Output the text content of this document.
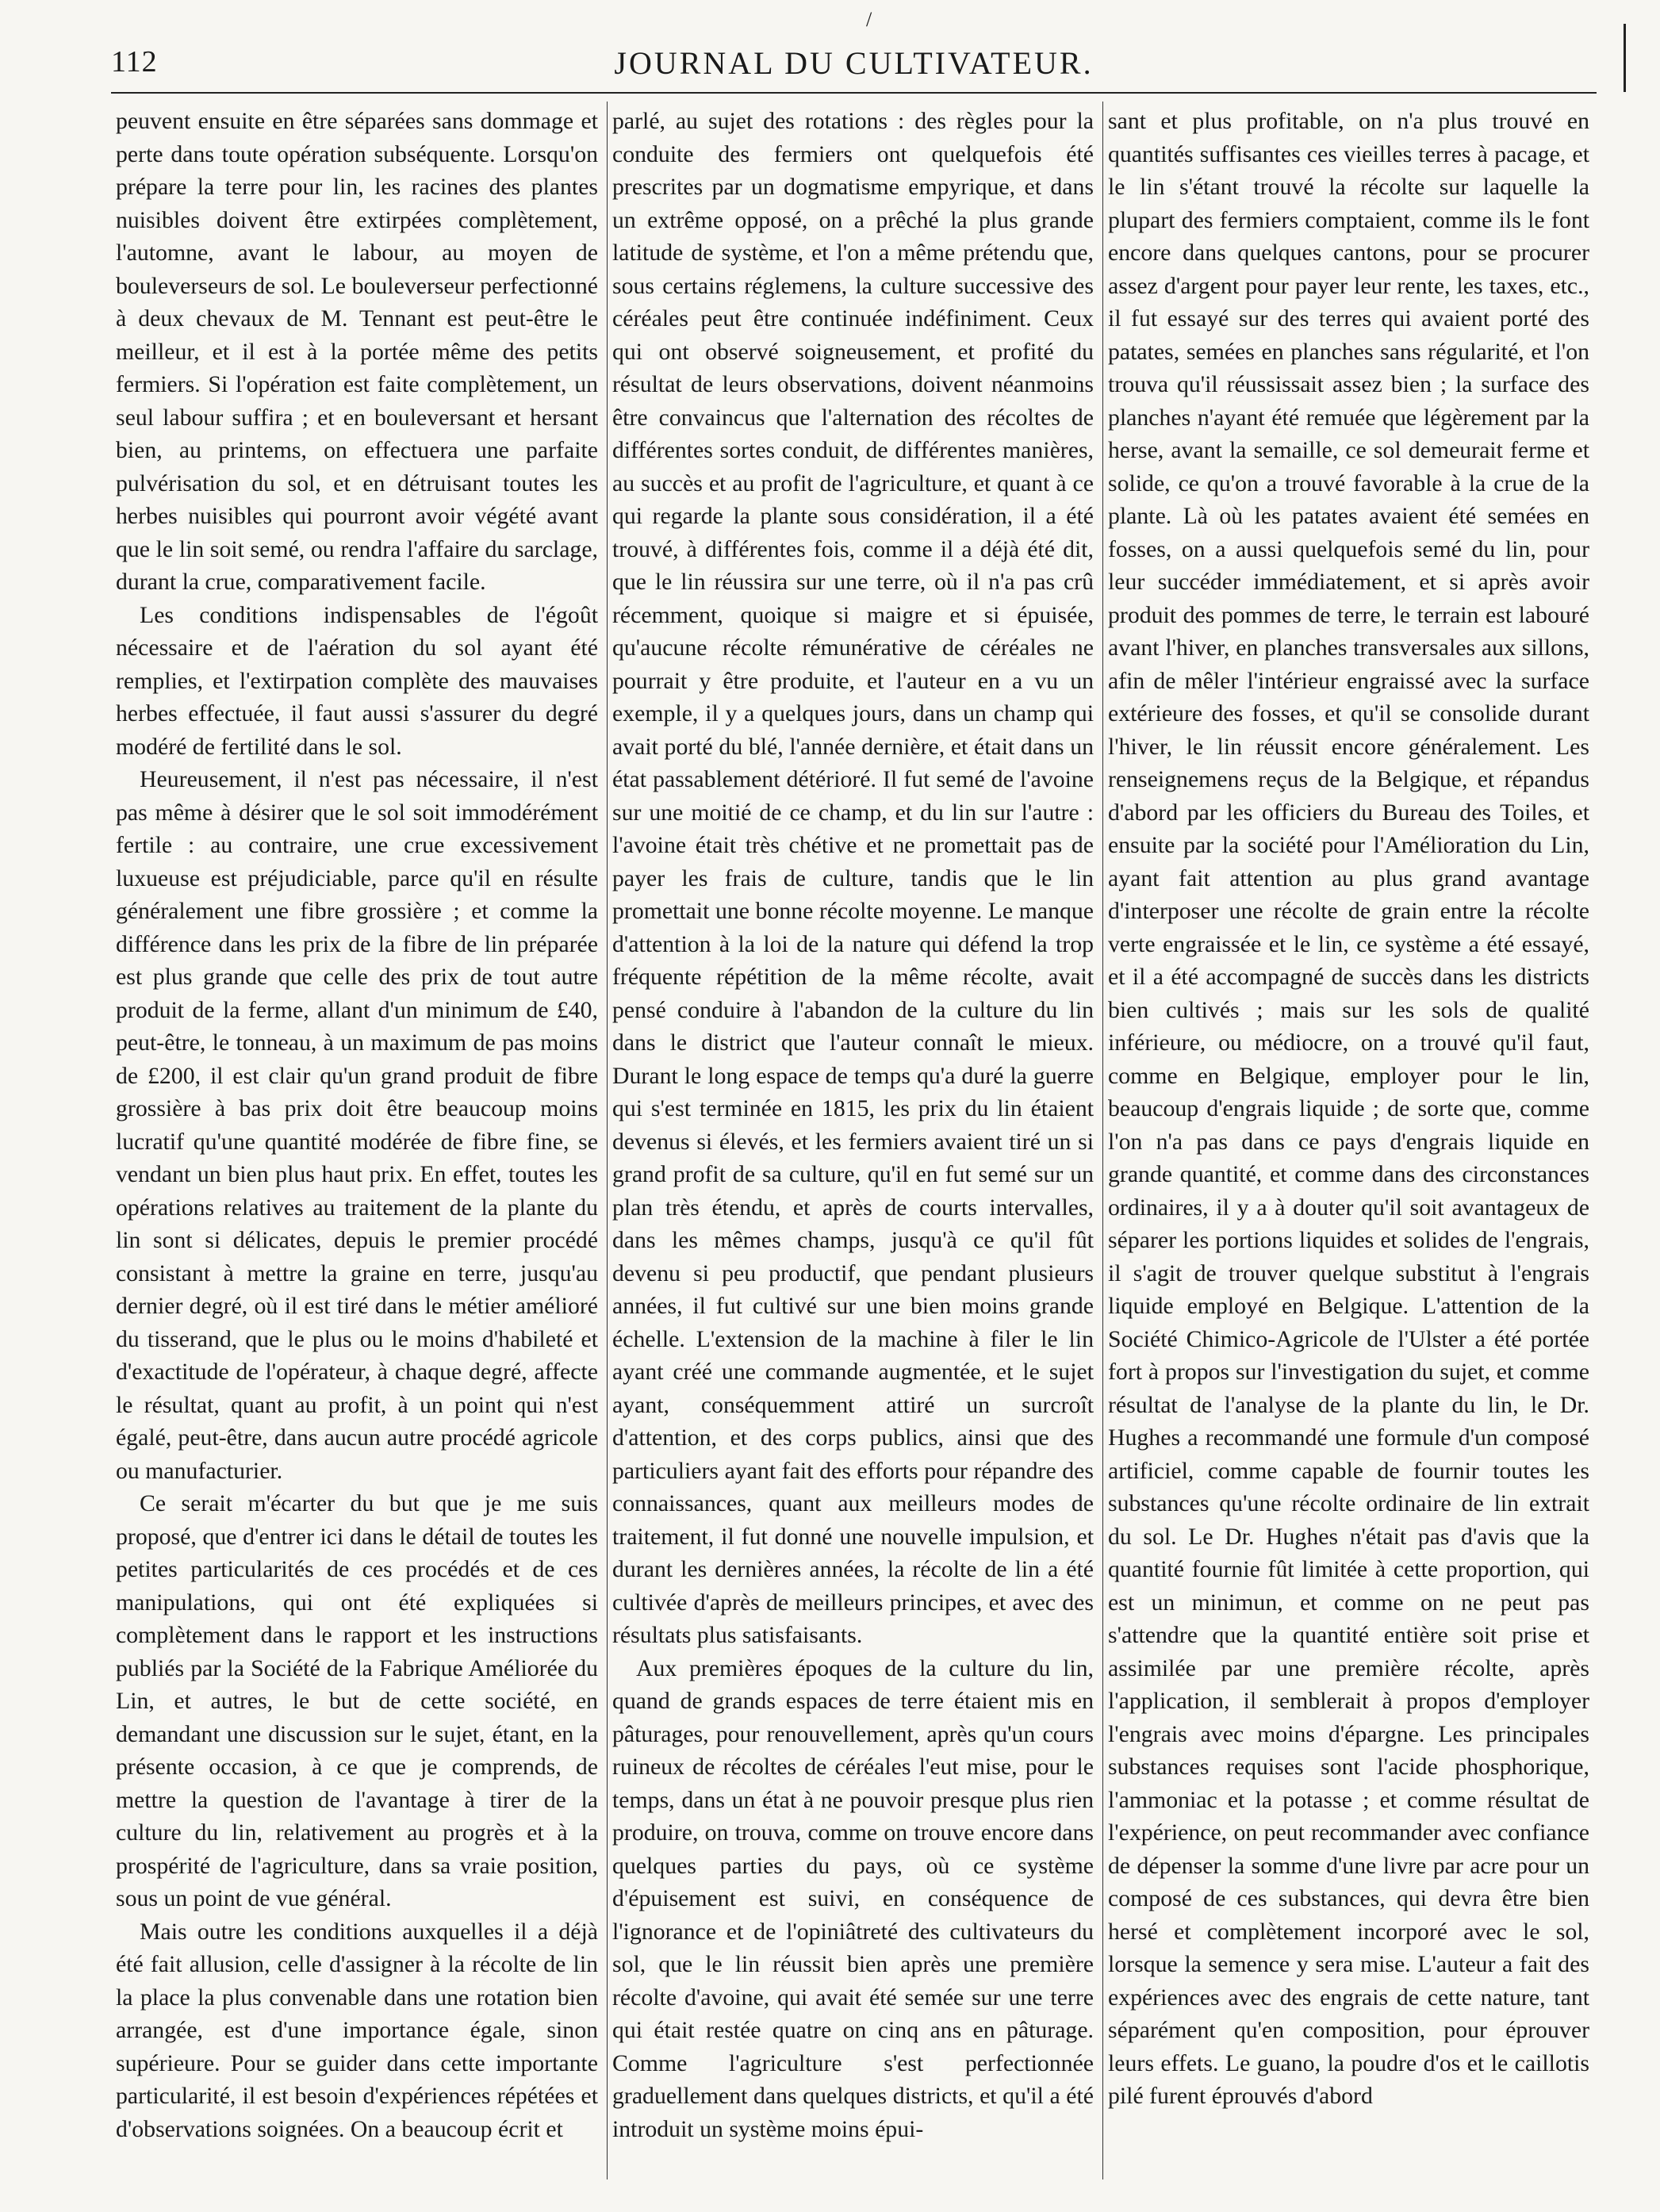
112	JOURNAL DU CULTIVATEUR.
/

peuvent ensuite en être séparées sans dommage et perte dans toute opération subséquente. Lorsqu'on prépare la terre pour lin, les racines des plantes nuisibles doivent être extirpées complètement, l'automne, avant le labour, au moyen de bouleverseurs de sol. Le bouleverseur perfectionné à deux chevaux de M. Tennant est peut-être le meilleur, et il est à la portée même des petits fermiers. Si l'opération est faite complètement, un seul labour suffira ; et en bouleversant et hersant bien, au printems, on effectuera une parfaite pulvérisation du sol, et en détruisant toutes les herbes nuisibles qui pourront avoir végété avant que le lin soit semé, ou rendra l'affaire du sarclage, durant la crue, comparativement facile.

Les conditions indispensables de l'égoût nécessaire et de l'aération du sol ayant été remplies, et l'extirpation complète des mauvaises herbes effectuée, il faut aussi s'assurer du degré modéré de fertilité dans le sol.

Heureusement, il n'est pas nécessaire, il n'est pas même à désirer que le sol soit immodérément fertile : au contraire, une crue excessivement luxueuse est préjudiciable, parce qu'il en résulte généralement une fibre grossière ; et comme la différence dans les prix de la fibre de lin préparée est plus grande que celle des prix de tout autre produit de la ferme, allant d'un minimum de £40, peut-être, le tonneau, à un maximum de pas moins de £200, il est clair qu'un grand produit de fibre grossière à bas prix doit être beaucoup moins lucratif qu'une quantité modérée de fibre fine, se vendant un bien plus haut prix. En effet, toutes les opérations relatives au traitement de la plante du lin sont si délicates, depuis le premier procédé consistant à mettre la graine en terre, jusqu'au dernier degré, où il est tiré dans le métier amélioré du tisserand, que le plus ou le moins d'habileté et d'exactitude de l'opérateur, à chaque degré, affecte le résultat, quant au profit, à un point qui n'est égalé, peut-être, dans aucun autre procédé agricole ou manufacturier.

Ce serait m'écarter du but que je me suis proposé, que d'entrer ici dans le détail de toutes les petites particularités de ces procédés et de ces manipulations, qui ont été expliquées si complètement dans le rapport et les instructions publiés par la Société de la Fabrique Améliorée du Lin, et autres, le but de cette société, en demandant une discussion sur le sujet, étant, en la présente occasion, à ce que je comprends, de mettre la question de l'avantage à tirer de la culture du lin, relativement au progrès et à la prospérité de l'agriculture, dans sa vraie position, sous un point de vue général.

Mais outre les conditions auxquelles il a déjà été fait allusion, celle d'assigner à la récolte de lin la place la plus convenable dans une rotation bien arrangée, est d'une importance égale, sinon supérieure. Pour se guider dans cette importante particularité, il est besoin d'expériences répétées et d'observations soignées. On a beaucoup écrit et

parlé, au sujet des rotations : des règles pour la conduite des fermiers ont quelquefois été prescrites par un dogmatisme empyrique, et dans un extrême opposé, on a prêché la plus grande latitude de système, et l'on a même prétendu que, sous certains réglemens, la culture successive des céréales peut être continuée indéfiniment. Ceux qui ont observé soigneusement, et profité du résultat de leurs observations, doivent néanmoins être convaincus que l'alternation des récoltes de différentes sortes conduit, de différentes manières, au succès et au profit de l'agriculture, et quant à ce qui regarde la plante sous considération, il a été trouvé, à différentes fois, comme il a déjà été dit, que le lin réussira sur une terre, où il n'a pas crû récemment, quoique si maigre et si épuisée, qu'aucune récolte rémunérative de céréales ne pourrait y être produite, et l'auteur en a vu un exemple, il y a quelques jours, dans un champ qui avait porté du blé, l'année dernière, et était dans un état passablement détérioré. Il fut semé de l'avoine sur une moitié de ce champ, et du lin sur l'autre : l'avoine était très chétive et ne promettait pas de payer les frais de culture, tandis que le lin promettait une bonne récolte moyenne. Le manque d'attention à la loi de la nature qui défend la trop fréquente répétition de la même récolte, avait pensé conduire à l'abandon de la culture du lin dans le district que l'auteur connaît le mieux. Durant le long espace de temps qu'a duré la guerre qui s'est terminée en 1815, les prix du lin étaient devenus si élevés, et les fermiers avaient tiré un si grand profit de sa culture, qu'il en fut semé sur un plan très étendu, et après de courts intervalles, dans les mêmes champs, jusqu'à ce qu'il fût devenu si peu productif, que pendant plusieurs années, il fut cultivé sur une bien moins grande échelle. L'extension de la machine à filer le lin ayant créé une commande augmentée, et le sujet ayant, conséquemment attiré un surcroît d'attention, et des corps publics, ainsi que des particuliers ayant fait des efforts pour répandre des connaissances, quant aux meilleurs modes de traitement, il fut donné une nouvelle impulsion, et durant les dernières années, la récolte de lin a été cultivée d'après de meilleurs principes, et avec des résultats plus satisfaisants.

Aux premières époques de la culture du lin, quand de grands espaces de terre étaient mis en pâturages, pour renouvellement, après qu'un cours ruineux de récoltes de céréales l'eut mise, pour le temps, dans un état à ne pouvoir presque plus rien produire, on trouva, comme on trouve encore dans quelques parties du pays, où ce système d'épuisement est suivi, en conséquence de l'ignorance et de l'opiniâtreté des cultivateurs du sol, que le lin réussit bien après une première récolte d'avoine, qui avait été semée sur une terre qui était restée quatre on cinq ans en pâturage. Comme l'agriculture s'est perfectionnée graduellement dans quelques districts, et qu'il a été introduit un système moins épui-

sant et plus profitable, on n'a plus trouvé en quantités suffisantes ces vieilles terres à pacage, et le lin s'étant trouvé la récolte sur laquelle la plupart des fermiers comptaient, comme ils le font encore dans quelques cantons, pour se procurer assez d'argent pour payer leur rente, les taxes, etc., il fut essayé sur des terres qui avaient porté des patates, semées en planches sans régularité, et l'on trouva qu'il réussissait assez bien ; la surface des planches n'ayant été remuée que légèrement par la herse, avant la semaille, ce sol demeurait ferme et solide, ce qu'on a trouvé favorable à la crue de la plante. Là où les patates avaient été semées en fosses, on a aussi quelquefois semé du lin, pour leur succéder immédiatement, et si après avoir produit des pommes de terre, le terrain est labouré avant l'hiver, en planches transversales aux sillons, afin de mêler l'intérieur engraissé avec la surface extérieure des fosses, et qu'il se consolide durant l'hiver, le lin réussit encore généralement. Les renseignemens reçus de la Belgique, et répandus d'abord par les officiers du Bureau des Toiles, et ensuite par la société pour l'Amélioration du Lin, ayant fait attention au plus grand avantage d'interposer une récolte de grain entre la récolte verte engraissée et le lin, ce système a été essayé, et il a été accompagné de succès dans les districts bien cultivés ; mais sur les sols de qualité inférieure, ou médiocre, on a trouvé qu'il faut, comme en Belgique, employer pour le lin, beaucoup d'engrais liquide ; de sorte que, comme l'on n'a pas dans ce pays d'engrais liquide en grande quantité, et comme dans des circonstances ordinaires, il y a à douter qu'il soit avantageux de séparer les portions liquides et solides de l'engrais, il s'agit de trouver quelque substitut à l'engrais liquide employé en Belgique. L'attention de la Société Chimico-Agricole de l'Ulster a été portée fort à propos sur l'investigation du sujet, et comme résultat de l'analyse de la plante du lin, le Dr. Hughes a recommandé une formule d'un composé artificiel, comme capable de fournir toutes les substances qu'une récolte ordinaire de lin extrait du sol. Le Dr. Hughes n'était pas d'avis que la quantité fournie fût limitée à cette proportion, qui est un minimun, et comme on ne peut pas s'attendre que la quantité entière soit prise et assimilée par une première récolte, après l'application, il semblerait à propos d'employer l'engrais avec moins d'épargne. Les principales substances requises sont l'acide phosphorique, l'ammoniac et la potasse ; et comme résultat de l'expérience, on peut recommander avec confiance de dépenser la somme d'une livre par acre pour un composé de ces substances, qui devra être bien hersé et complètement incorporé avec le sol, lorsque la semence y sera mise. L'auteur a fait des expériences avec des engrais de cette nature, tant séparément qu'en composition, pour éprouver leurs effets. Le guano, la poudre d'os et le caillotis pilé furent éprouvés d'abord
